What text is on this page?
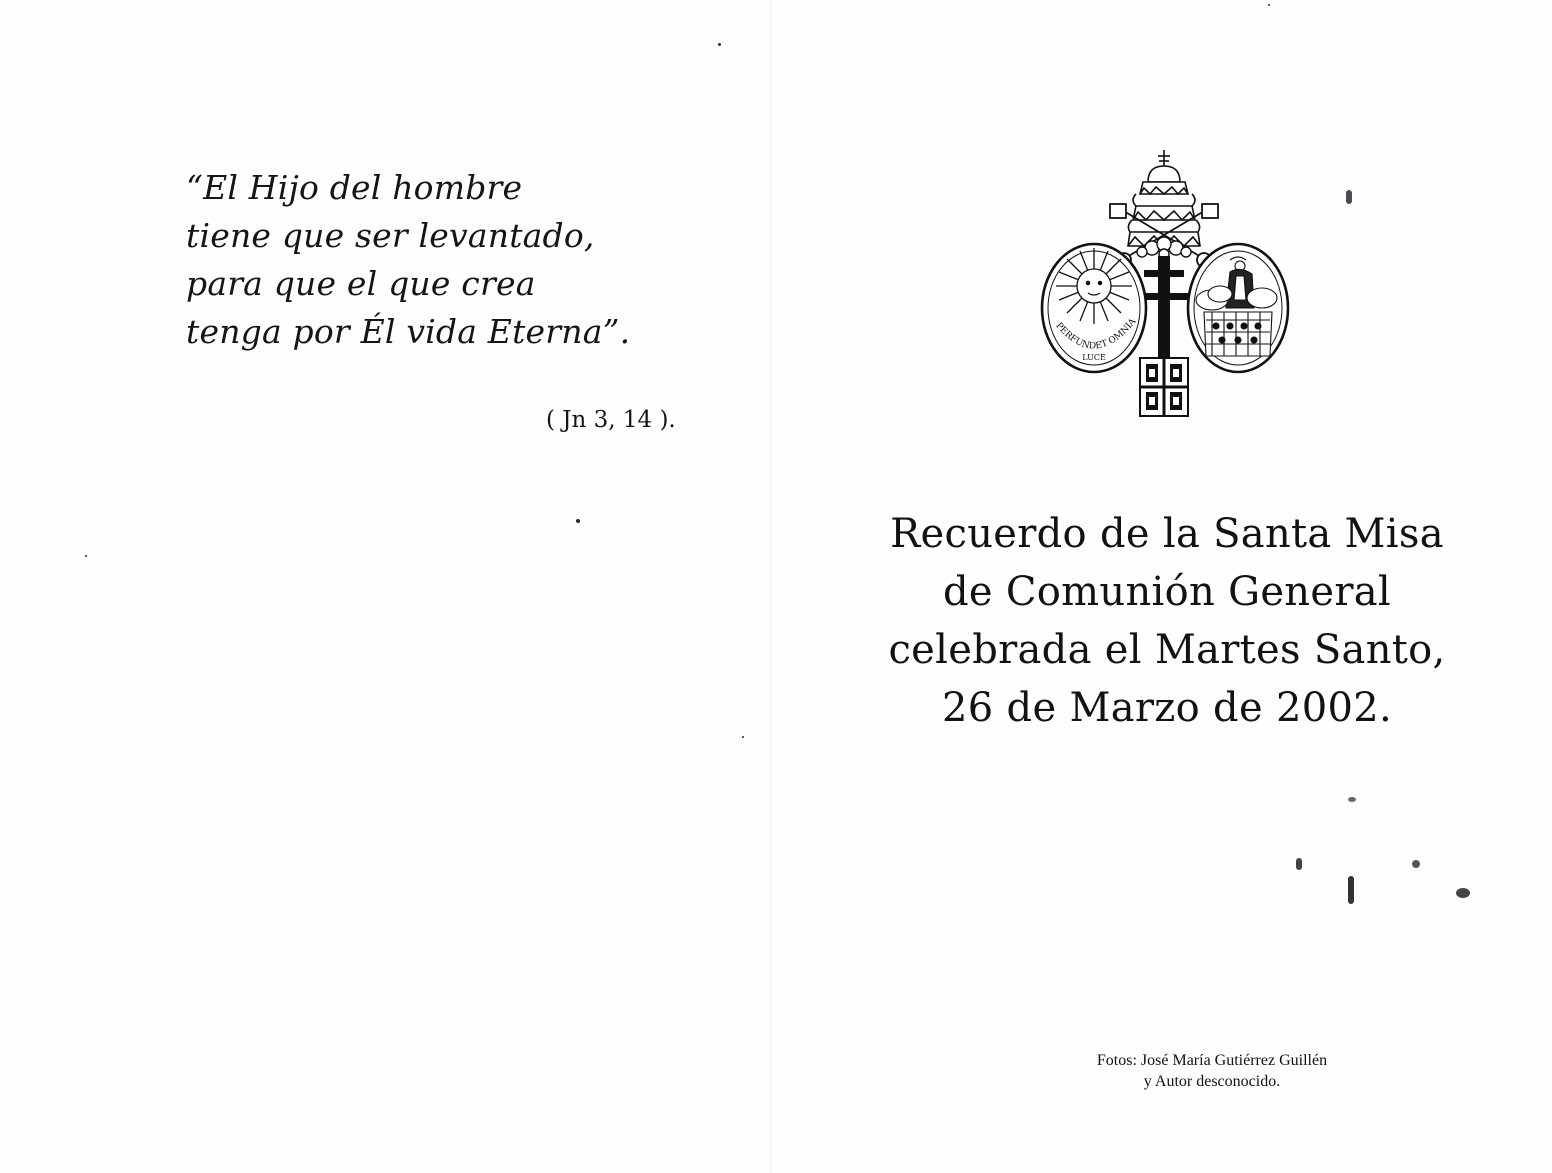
“El Hijo del hombre
tiene que ser levantado,
para que el que crea
tenga por Él vida Eterna”.
( Jn 3, 14 ).
PERFUNDET OMNIA
LUCE
Recuerdo de la Santa Misa
de Comunión General
celebrada el Martes Santo,
26 de Marzo de 2002.
Fotos: José María Gutiérrez Guillén
y Autor desconocido.
